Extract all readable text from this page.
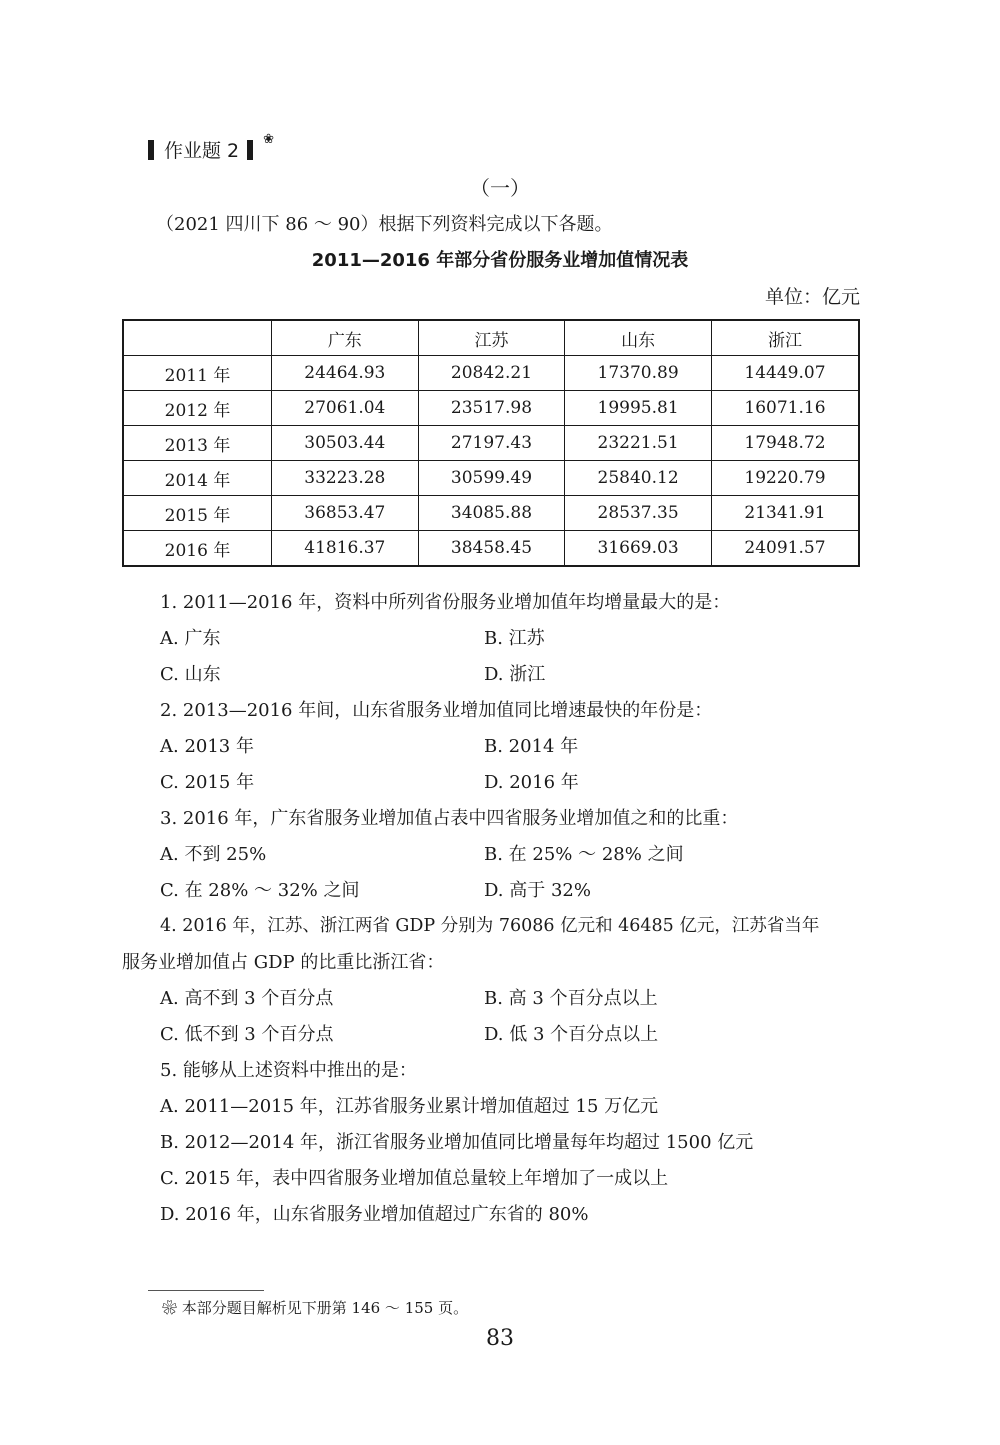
作业题 2
❀
（一）
（2021 四川下 86 ～ 90）根据下列资料完成以下各题。
2011—2016 年部分省份服务业增加值情况表
单位：亿元
	广东	江苏	山东	浙江
2011 年	24464.93	20842.21	17370.89	14449.07
2012 年	27061.04	23517.98	19995.81	16071.16
2013 年	30503.44	27197.43	23221.51	17948.72
2014 年	33223.28	30599.49	25840.12	19220.79
2015 年	36853.47	34085.88	28537.35	21341.91
2016 年	41816.37	38458.45	31669.03	24091.57
1. 2011—2016 年，资料中所列省份服务业增加值年均增量最大的是：
A. 广东	B. 江苏
C. 山东	D. 浙江
2. 2013—2016 年间，山东省服务业增加值同比增速最快的年份是：
A. 2013 年	B. 2014 年
C. 2015 年	D. 2016 年
3. 2016 年，广东省服务业增加值占表中四省服务业增加值之和的比重：
A. 不到 25%	B. 在 25% ～ 28% 之间
C. 在 28% ～ 32% 之间	D. 高于 32%
4. 2016 年，江苏、浙江两省 GDP 分别为 76086 亿元和 46485 亿元，江苏省当年
服务业增加值占 GDP 的比重比浙江省：
A. 高不到 3 个百分点	B. 高 3 个百分点以上
C. 低不到 3 个百分点	D. 低 3 个百分点以上
5. 能够从上述资料中推出的是：
A. 2011—2015 年，江苏省服务业累计增加值超过 15 万亿元
B. 2012—2014 年，浙江省服务业增加值同比增量每年均超过 1500 亿元
C. 2015 年，表中四省服务业增加值总量较上年增加了一成以上
D. 2016 年，山东省服务业增加值超过广东省的 80%
❀ 本部分题目解析见下册第 146 ～ 155 页。
83
